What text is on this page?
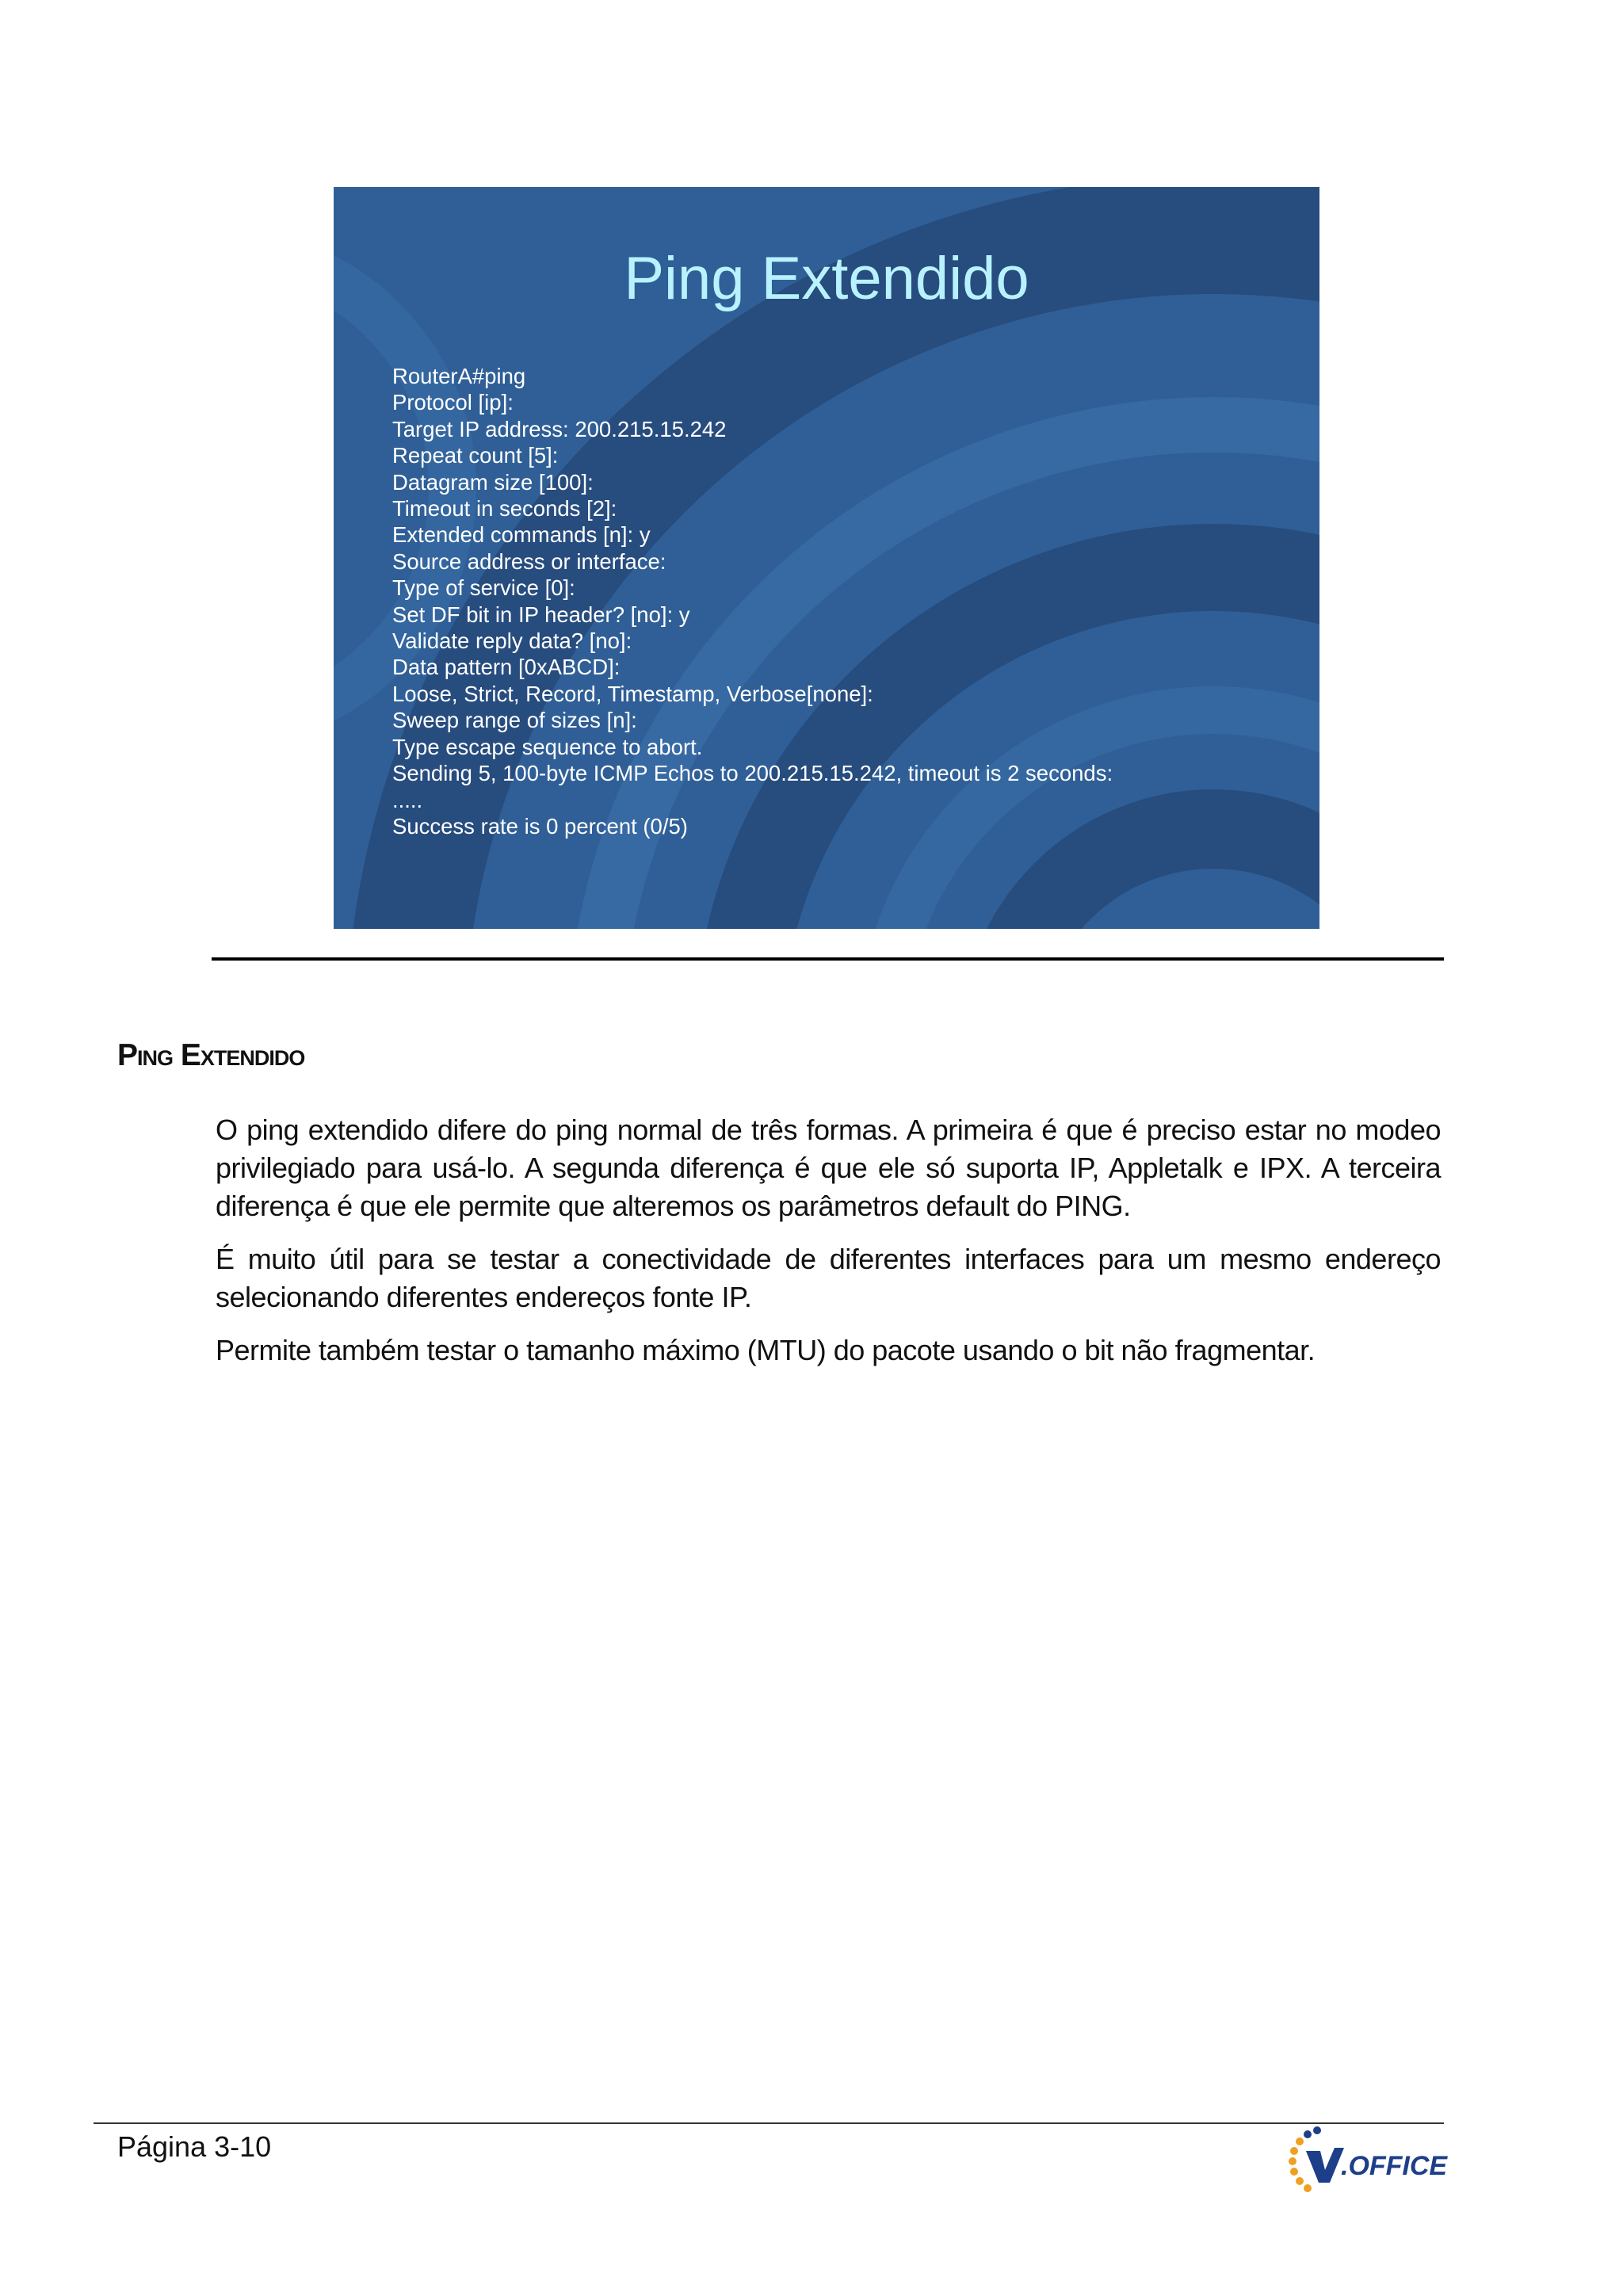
Ping Extendido
RouterA#ping
Protocol [ip]:
Target IP address: 200.215.15.242
Repeat count [5]:
Datagram size [100]:
Timeout in seconds [2]:
Extended commands [n]: y
Source address or interface:
Type of service [0]:
Set DF bit in IP header? [no]: y
Validate reply data? [no]:
Data pattern [0xABCD]:
Loose, Strict, Record, Timestamp, Verbose[none]:
Sweep range of sizes [n]:
Type escape sequence to abort.
Sending 5, 100-byte ICMP Echos to 200.215.15.242, timeout is 2 seconds:
.....
Success rate is 0 percent (0/5)
Ping Extendido

O ping extendido difere do ping normal de três formas. A primeira é que é preciso estar no modeo privilegiado para usá-lo. A segunda diferença é que ele só suporta IP, Appletalk e IPX. A terceira diferença é que ele permite que alteremos os parâmetros default do PING.

É muito útil para se testar a conectividade de diferentes interfaces para um mesmo endereço selecionando diferentes endereços fonte IP.

Permite também testar o tamanho máximo (MTU) do pacote usando o bit não fragmentar.

Página 3-10
.OFFICE
